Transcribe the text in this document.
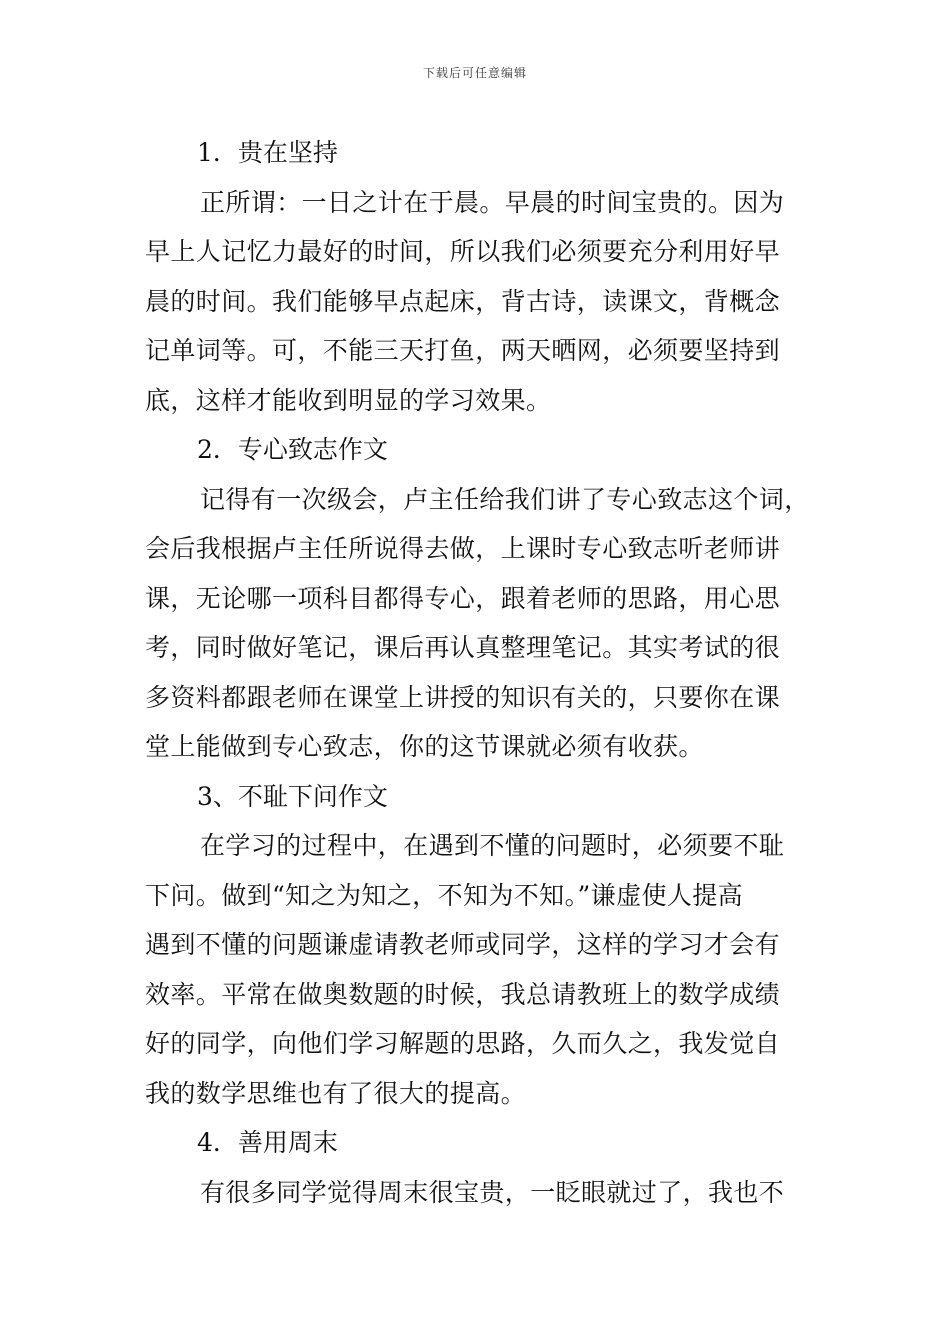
下载后可任意编辑

1．贵在坚持

正所谓：一日之计在于晨。早晨的时间宝贵的。因为
早上人记忆力最好的时间，所以我们必须要充分利用好早
晨的时间。我们能够早点起床，背古诗，读课文，背概念
记单词等。可，不能三天打鱼，两天晒网，必须要坚持到
底，这样才能收到明显的学习效果。

2．专心致志作文

记得有一次级会，卢主任给我们讲了专心致志这个词，
会后我根据卢主任所说得去做，上课时专心致志听老师讲
课，无论哪一项科目都得专心，跟着老师的思路，用心思
考，同时做好笔记，课后再认真整理笔记。其实考试的很
多资料都跟老师在课堂上讲授的知识有关的，只要你在课
堂上能做到专心致志，你的这节课就必须有收获。

3、不耻下问作文

在学习的过程中，在遇到不懂的问题时，必须要不耻
下问。做到“知之为知之，不知为不知。”谦虚使人提高
遇到不懂的问题谦虚请教老师或同学，这样的学习才会有
效率。平常在做奥数题的时候，我总请教班上的数学成绩
好的同学，向他们学习解题的思路，久而久之，我发觉自
我的数学思维也有了很大的提高。

4．善用周末

有很多同学觉得周末很宝贵，一眨眼就过了，我也不
